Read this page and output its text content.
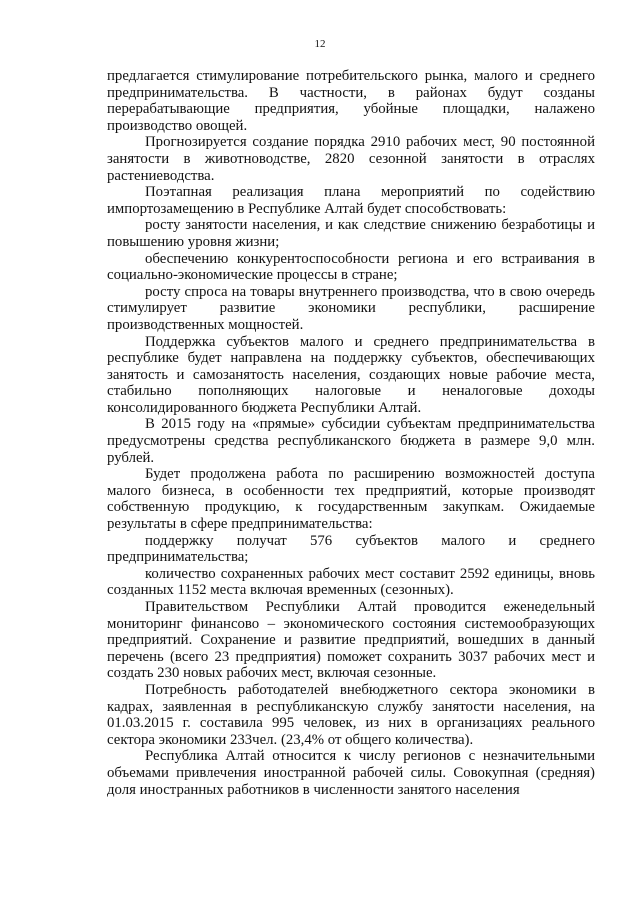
12

предлагается стимулирование потребительского рынка, малого и среднего предпринимательства. В частности, в районах будут созданы перерабатывающие предприятия, убойные площадки, налажено производство овощей.

Прогнозируется создание порядка 2910 рабочих мест, 90 постоянной занятости в животноводстве, 2820 сезонной занятости в отраслях растениеводства.

Поэтапная реализация плана мероприятий по содействию импортозамещению в Республике Алтай будет способствовать:

росту занятости населения, и как следствие снижению безработицы и повышению уровня жизни;

обеспечению конкурентоспособности региона и его встраивания в социально-экономические процессы в стране;

росту спроса на товары внутреннего производства, что в свою очередь стимулирует развитие экономики республики, расширение производственных мощностей.

Поддержка субъектов малого и среднего предпринимательства в республике будет направлена на поддержку субъектов, обеспечивающих занятость и самозанятость населения, создающих новые рабочие места, стабильно пополняющих налоговые и неналоговые доходы консолидированного бюджета Республики Алтай.

В 2015 году на «прямые» субсидии субъектам предпринимательства предусмотрены средства республиканского бюджета в размере 9,0 млн. рублей.

Будет продолжена работа по расширению возможностей доступа малого бизнеса, в особенности тех предприятий, которые производят собственную продукцию, к государственным закупкам. Ожидаемые результаты в сфере предпринимательства:

поддержку получат 576 субъектов малого и среднего предпринимательства;

количество сохраненных рабочих мест составит 2592 единицы, вновь созданных 1152 места включая временных (сезонных).

Правительством Республики Алтай проводится еженедельный мониторинг финансово – экономического состояния системообразующих предприятий. Сохранение и развитие предприятий, вошедших в данный перечень (всего 23 предприятия) поможет сохранить 3037 рабочих мест и создать 230 новых рабочих мест, включая сезонные.

Потребность работодателей внебюджетного сектора экономики в кадрах, заявленная в республиканскую службу занятости населения, на 01.03.2015 г. составила 995 человек, из них в организациях реального сектора экономики 233чел. (23,4% от общего количества).

Республика Алтай относится к числу регионов с незначительными объемами привлечения иностранной рабочей силы. Совокупная (средняя) доля иностранных работников в численности занятого населения
